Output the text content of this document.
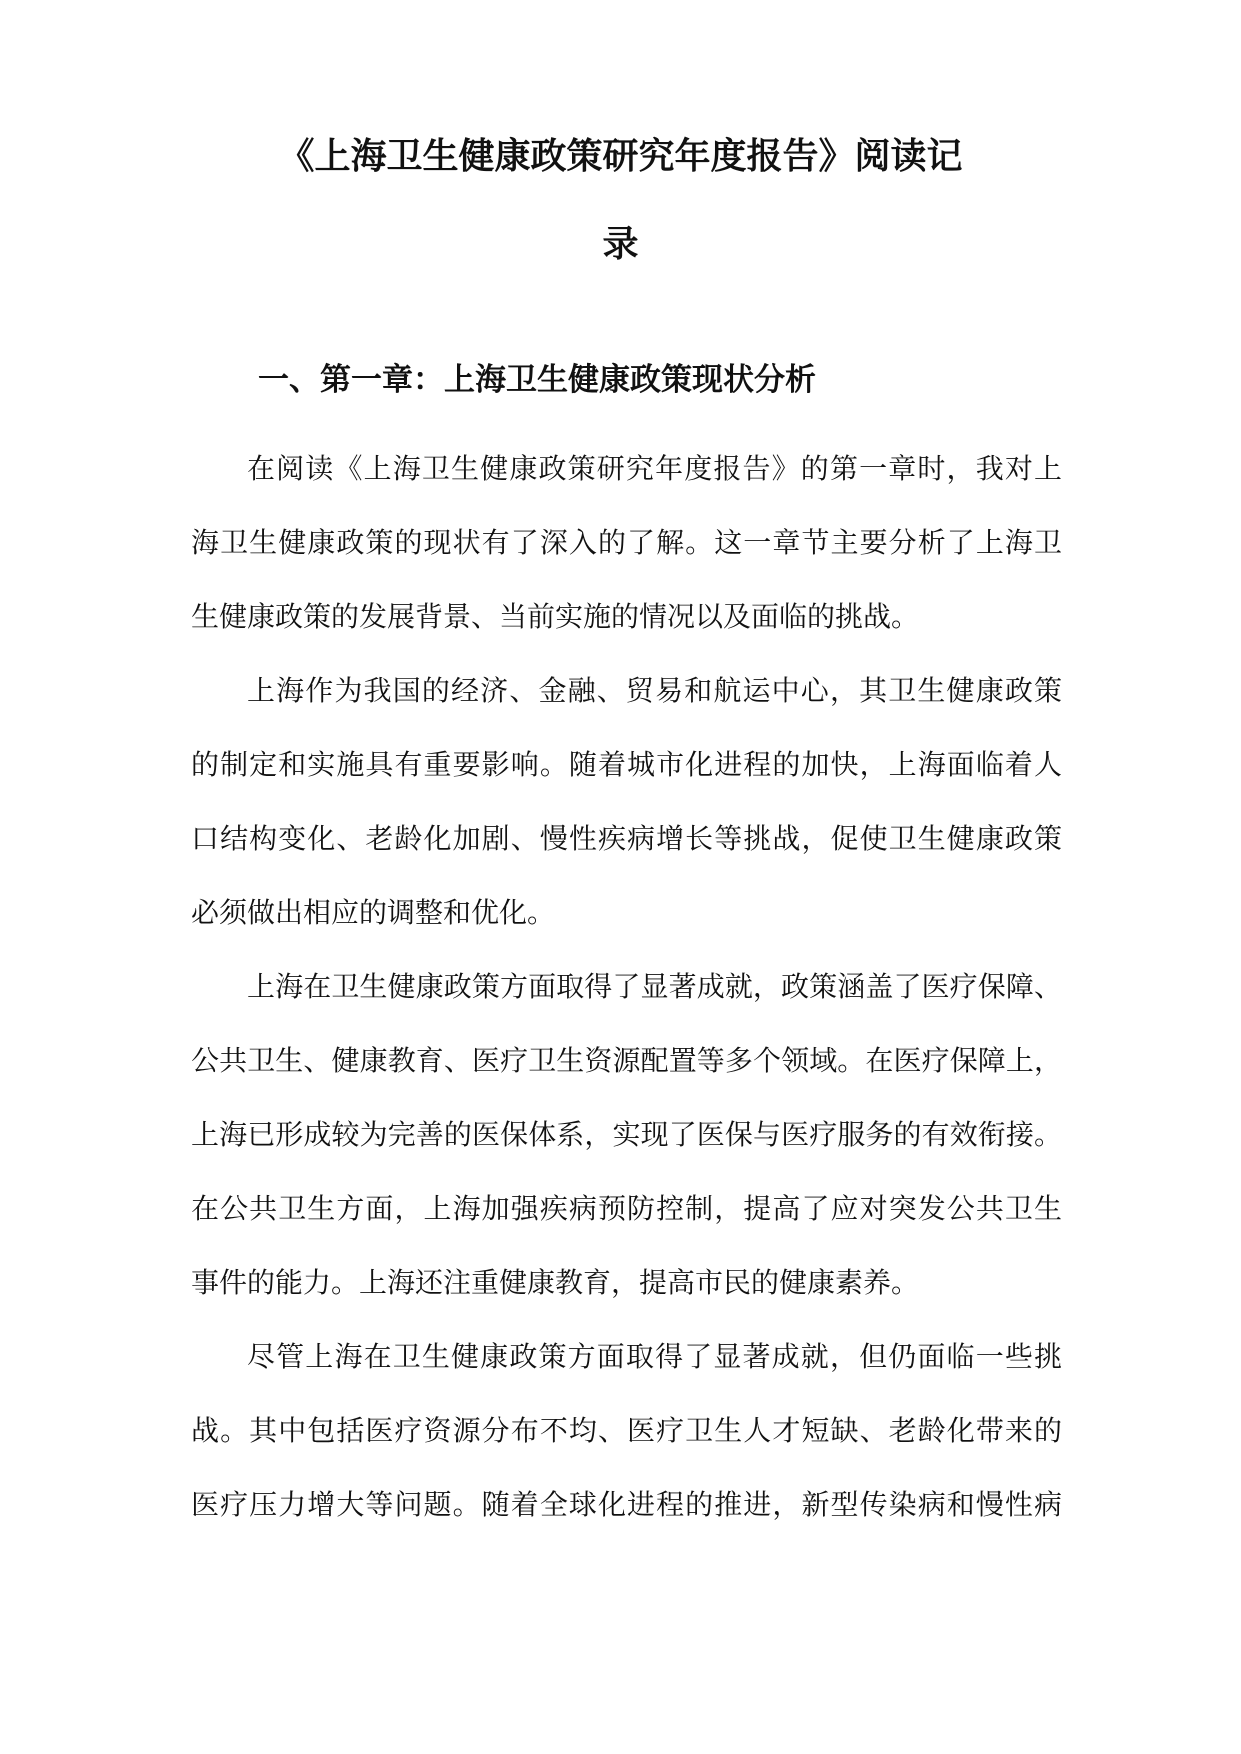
《上海卫生健康政策研究年度报告》阅读记
录
一、第一章：上海卫生健康政策现状分析
在阅读《上海卫生健康政策研究年度报告》的第一章时，我对上
海卫生健康政策的现状有了深入的了解。这一章节主要分析了上海卫
生健康政策的发展背景、当前实施的情况以及面临的挑战。
上海作为我国的经济、金融、贸易和航运中心，其卫生健康政策
的制定和实施具有重要影响。随着城市化进程的加快，上海面临着人
口结构变化、老龄化加剧、慢性疾病增长等挑战，促使卫生健康政策
必须做出相应的调整和优化。
上海在卫生健康政策方面取得了显著成就，政策涵盖了医疗保障、
公共卫生、健康教育、医疗卫生资源配置等多个领域。在医疗保障上，
上海已形成较为完善的医保体系，实现了医保与医疗服务的有效衔接。
在公共卫生方面，上海加强疾病预防控制，提高了应对突发公共卫生
事件的能力。上海还注重健康教育，提高市民的健康素养。
尽管上海在卫生健康政策方面取得了显著成就，但仍面临一些挑
战。其中包括医疗资源分布不均、医疗卫生人才短缺、老龄化带来的
医疗压力增大等问题。随着全球化进程的推进，新型传染病和慢性病
